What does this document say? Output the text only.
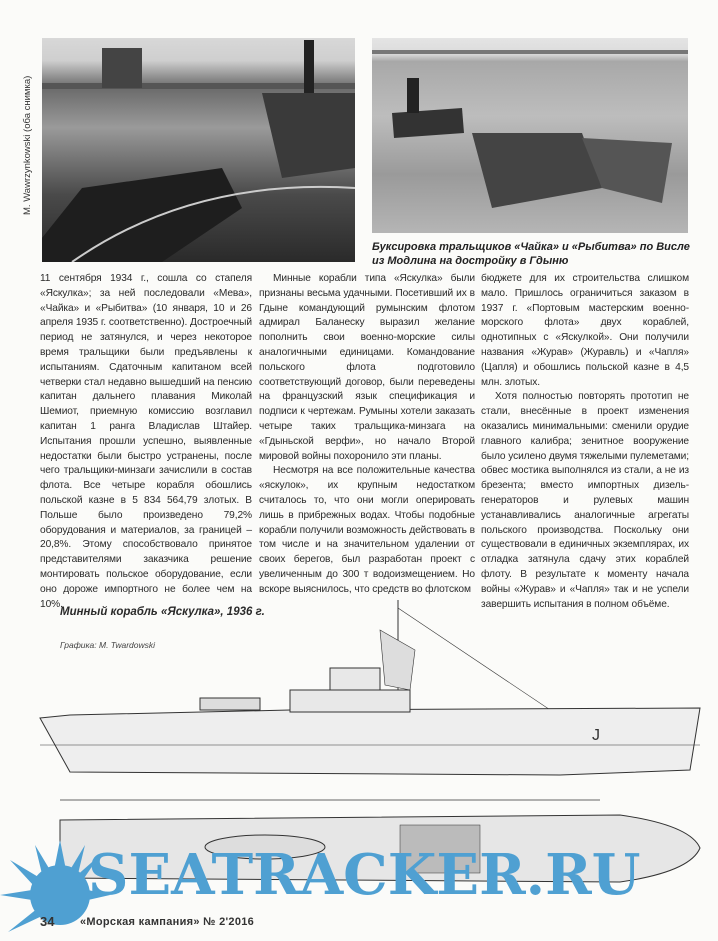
M. Wawrzynkowski (оба снимка)
Буксировка тральщиков «Чайка» и «Рыбитва» по Висле из Модлина на достройку в Гдыню

11 сентября 1934 г., сошла со стапеля «Яскулка»; за ней последовали «Мева», «Чайка» и «Рыбитва» (10 января, 10 и 26 апреля 1935 г. соответственно). Достроечный период не затянулся, и через некоторое время тральщики были предъявлены к испытаниям. Сдаточным капитаном всей четверки стал недавно вышедший на пенсию капитан дальнего плавания Миколай Шемиот, приемную комиссию возглавил капитан 1 ранга Владислав Штайер. Испытания прошли успешно, выявленные недостатки были быстро устранены, после чего тральщики-минзаги зачислили в состав флота. Все четыре корабля обошлись польской казне в 5 834 564,79 злотых. В Польше было произведено 79,2% оборудования и материалов, за границей – 20,8%. Этому способствовало принятое представителями заказчика решение монтировать польское оборудование, если оно дороже импортного не более чем на 10%.

Минные корабли типа «Яскулка» были признаны весьма удачными. Посетивший их в Гдыне командующий румынским флотом адмирал Баланеску выразил желание пополнить свои военно-морские силы аналогичными единицами. Командование польского флота подготовило соответствующий договор, были переведены на французский язык спецификация и подписи к чертежам. Румыны хотели заказать четыре таких тральщика-минзага на «Гдыньской верфи», но начало Второй мировой войны похоронило эти планы.

Несмотря на все положительные качества «яскулок», их крупным недостатком считалось то, что они могли оперировать лишь в прибрежных водах. Чтобы подобные корабли получили возможность действовать в том числе и на значительном удалении от своих берегов, был разработан проект с увеличенным до 300 т водоизмещением. Но вскоре выяснилось, что средств во флотском

бюджете для их строительства слишком мало. Пришлось ограничиться заказом в 1937 г. «Портовым мастерским военно-морского флота» двух кораблей, однотипных с «Яскулкой». Они получили названия «Журав» (Журавль) и «Чапля» (Цапля) и обошлись польской казне в 4,5 млн. злотых.

Хотя полностью повторять прототип не стали, внесённые в проект изменения оказались минимальными: сменили орудие главного калибра; зенитное вооружение было усилено двумя тяжелыми пулеметами; обвес мостика выполнялся из стали, а не из брезента; вместо импортных дизель-генераторов и рулевых машин устанавливались аналогичные агрегаты польского производства. Поскольку они существовали в единичных экземплярах, их отладка затянула сдачу этих кораблей флоту. В результате к моменту начала войны «Журав» и «Чапля» так и не успели завершить испытания в полном объёме.

J
Минный корабль «Яскулка», 1936 г.
Графика: M. Twardowski
SEATRACKER.RU
34 «Морская кампания» № 2'2016
